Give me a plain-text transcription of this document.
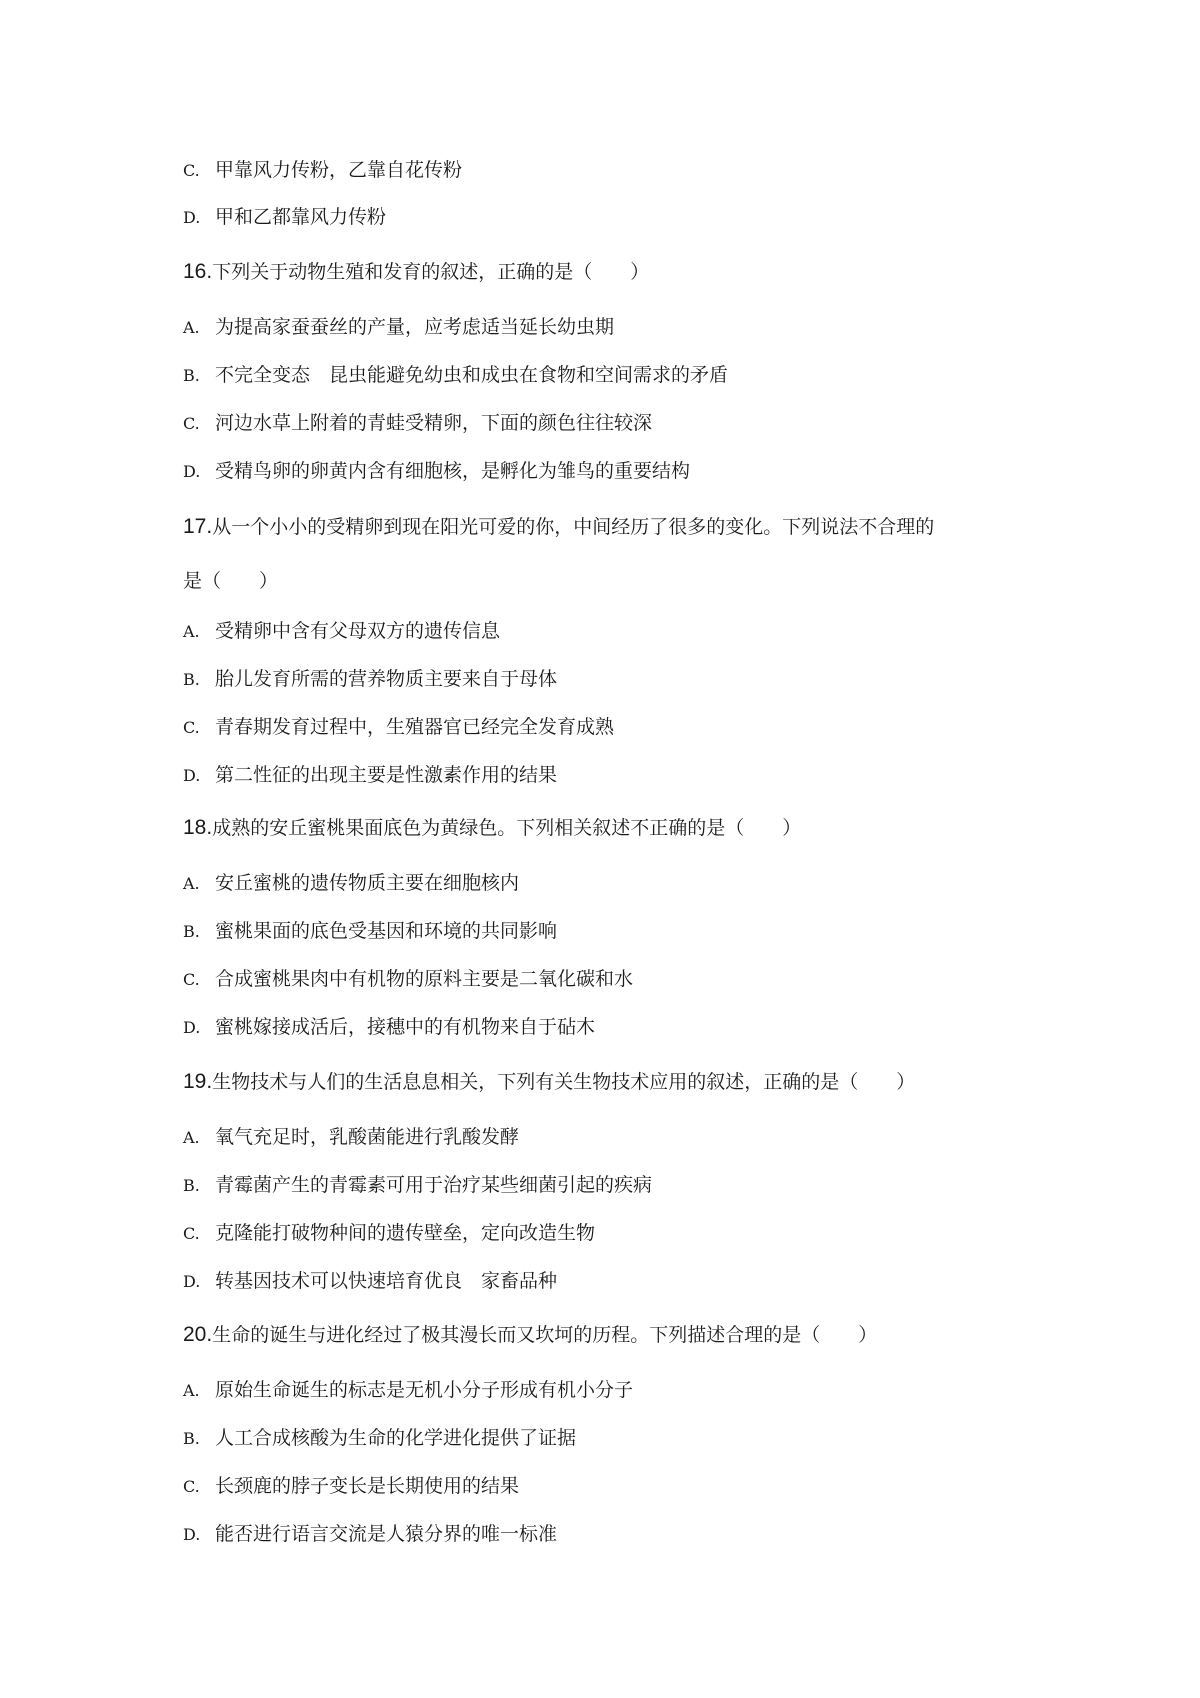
C. 甲靠风力传粉，乙靠自花传粉
D. 甲和乙都靠风力传粉
16.下列关于动物生殖和发育的叙述，正确的是（　　）
A. 为提高家蚕蚕丝的产量，应考虑适当延长幼虫期
B. 不完全变态　昆虫能避免幼虫和成虫在食物和空间需求的矛盾
C. 河边水草上附着的青蛙受精卵，下面的颜色往往较深
D. 受精鸟卵的卵黄内含有细胞核，是孵化为雏鸟的重要结构
17.从一个小小的受精卵到现在阳光可爱的你，中间经历了很多的变化。下列说法不合理的
是（　　）
A. 受精卵中含有父母双方的遗传信息
B. 胎儿发育所需的营养物质主要来自于母体
C. 青春期发育过程中，生殖器官已经完全发育成熟
D. 第二性征的出现主要是性激素作用的结果
18.成熟的安丘蜜桃果面底色为黄绿色。下列相关叙述不正确的是（　　）
A. 安丘蜜桃的遗传物质主要在细胞核内
B. 蜜桃果面的底色受基因和环境的共同影响
C. 合成蜜桃果肉中有机物的原料主要是二氧化碳和水
D. 蜜桃嫁接成活后，接穗中的有机物来自于砧木
19.生物技术与人们的生活息息相关，下列有关生物技术应用的叙述，正确的是（　　）
A. 氧气充足时，乳酸菌能进行乳酸发酵
B. 青霉菌产生的青霉素可用于治疗某些细菌引起的疾病
C. 克隆能打破物种间的遗传壁垒，定向改造生物
D. 转基因技术可以快速培育优良　家畜品种
20.生命的诞生与进化经过了极其漫长而又坎坷的历程。下列描述合理的是（　　）
A. 原始生命诞生的标志是无机小分子形成有机小分子
B. 人工合成核酸为生命的化学进化提供了证据
C. 长颈鹿的脖子变长是长期使用的结果
D. 能否进行语言交流是人猿分界的唯一标准
